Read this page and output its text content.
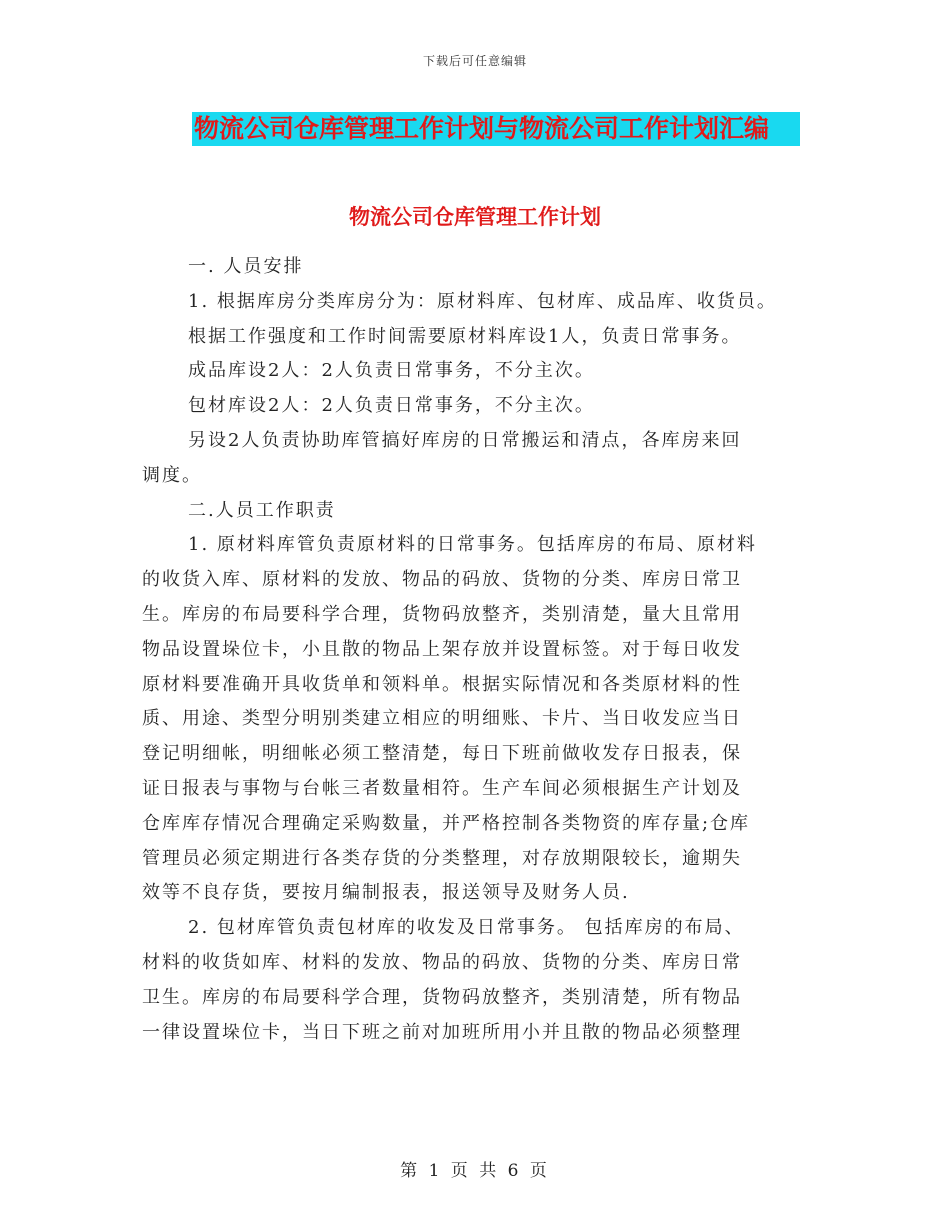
下载后可任意编辑
物流公司仓库管理工作计划与物流公司工作计划汇编
物流公司仓库管理工作计划
一. 人员安排
1. 根据库房分类库房分为：原材料库、包材库、成品库、收货员。
根据工作强度和工作时间需要原材料库设1人，负责日常事务。
成品库设2人：2人负责日常事务，不分主次。
包材库设2人：2人负责日常事务，不分主次。
另设2人负责协助库管搞好库房的日常搬运和清点，各库房来回
调度。
二.人员工作职责
1. 原材料库管负责原材料的日常事务。包括库房的布局、原材料
的收货入库、原材料的发放、物品的码放、货物的分类、库房日常卫
生。库房的布局要科学合理，货物码放整齐，类别清楚，量大且常用
物品设置垛位卡，小且散的物品上架存放并设置标签。对于每日收发
原材料要准确开具收货单和领料单。根据实际情况和各类原材料的性
质、用途、类型分明别类建立相应的明细账、卡片、当日收发应当日
登记明细帐，明细帐必须工整清楚，每日下班前做收发存日报表，保
证日报表与事物与台帐三者数量相符。生产车间必须根据生产计划及
仓库库存情况合理确定采购数量，并严格控制各类物资的库存量;仓库
管理员必须定期进行各类存货的分类整理，对存放期限较长，逾期失
效等不良存货，要按月编制报表，报送领导及财务人员.
2. 包材库管负责包材库的收发及日常事务。 包括库房的布局、
材料的收货如库、材料的发放、物品的码放、货物的分类、库房日常
卫生。库房的布局要科学合理，货物码放整齐，类别清楚，所有物品
一律设置垛位卡，当日下班之前对加班所用小并且散的物品必须整理
第 1 页 共 6 页
